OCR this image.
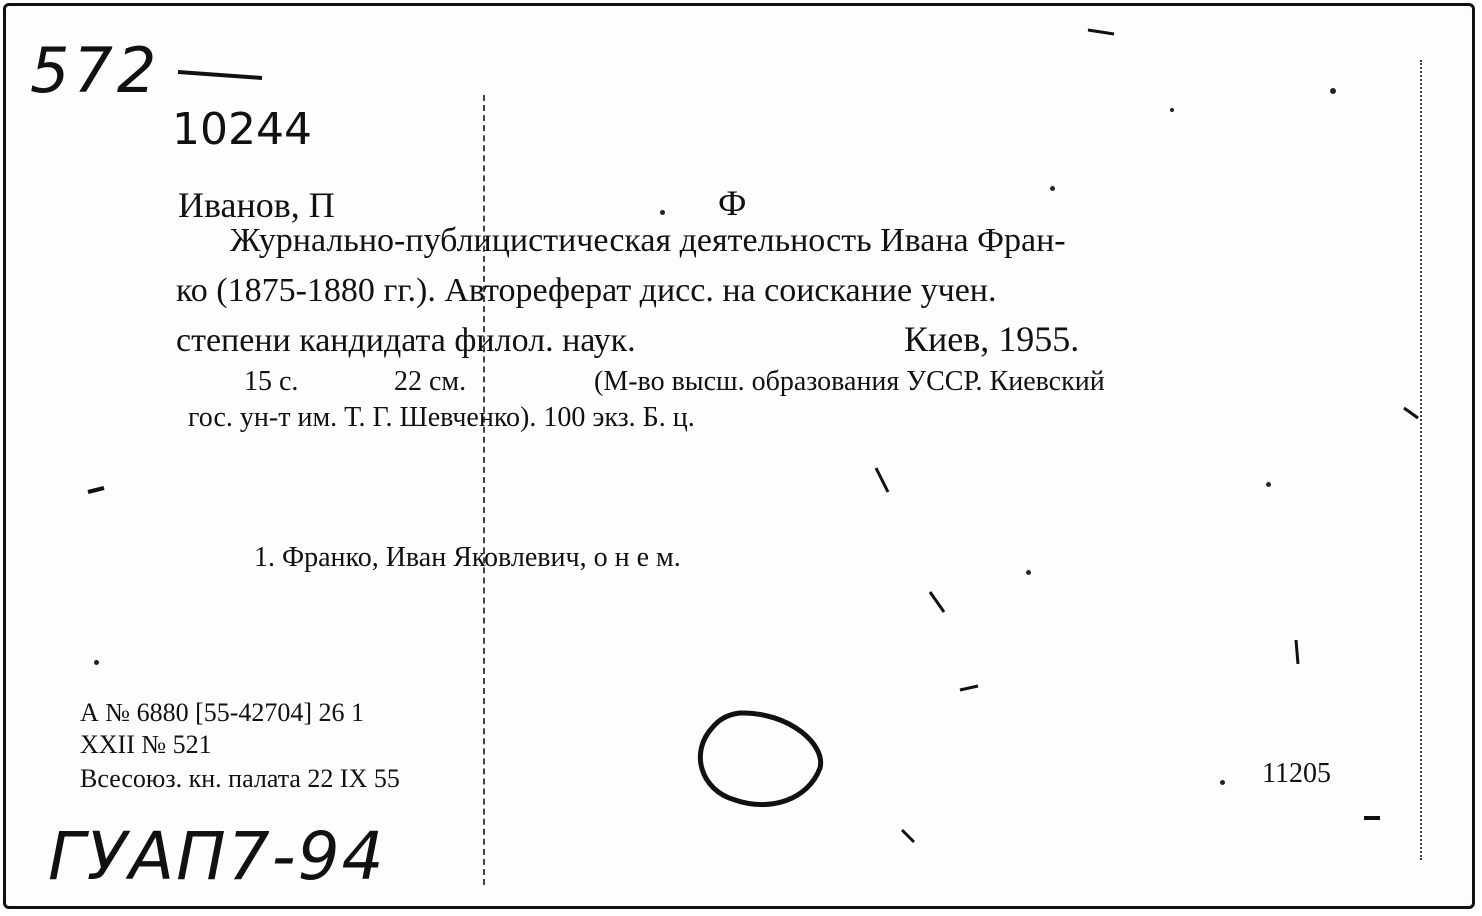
572
10244
Иванов, П	Ф
Журнально-публицистическая деятельность Ивана Фран-
ко (1875-1880 гг.). Автореферат дисс. на соискание учен.
степени кандидата филол. наук.	Киев, 1955.
15 с.	22 см.	(М-во высш. образования УССР. Киевский
гос. ун-т им. Т. Г. Шевченко). 100 экз. Б. ц.
1. Франко, Иван Яковлевич, о н е м.
А № 6880 [55-42704] 26 1
XXII № 521
Всесоюз. кн. палата 22 IX 55	11205
ГУАП7-94
